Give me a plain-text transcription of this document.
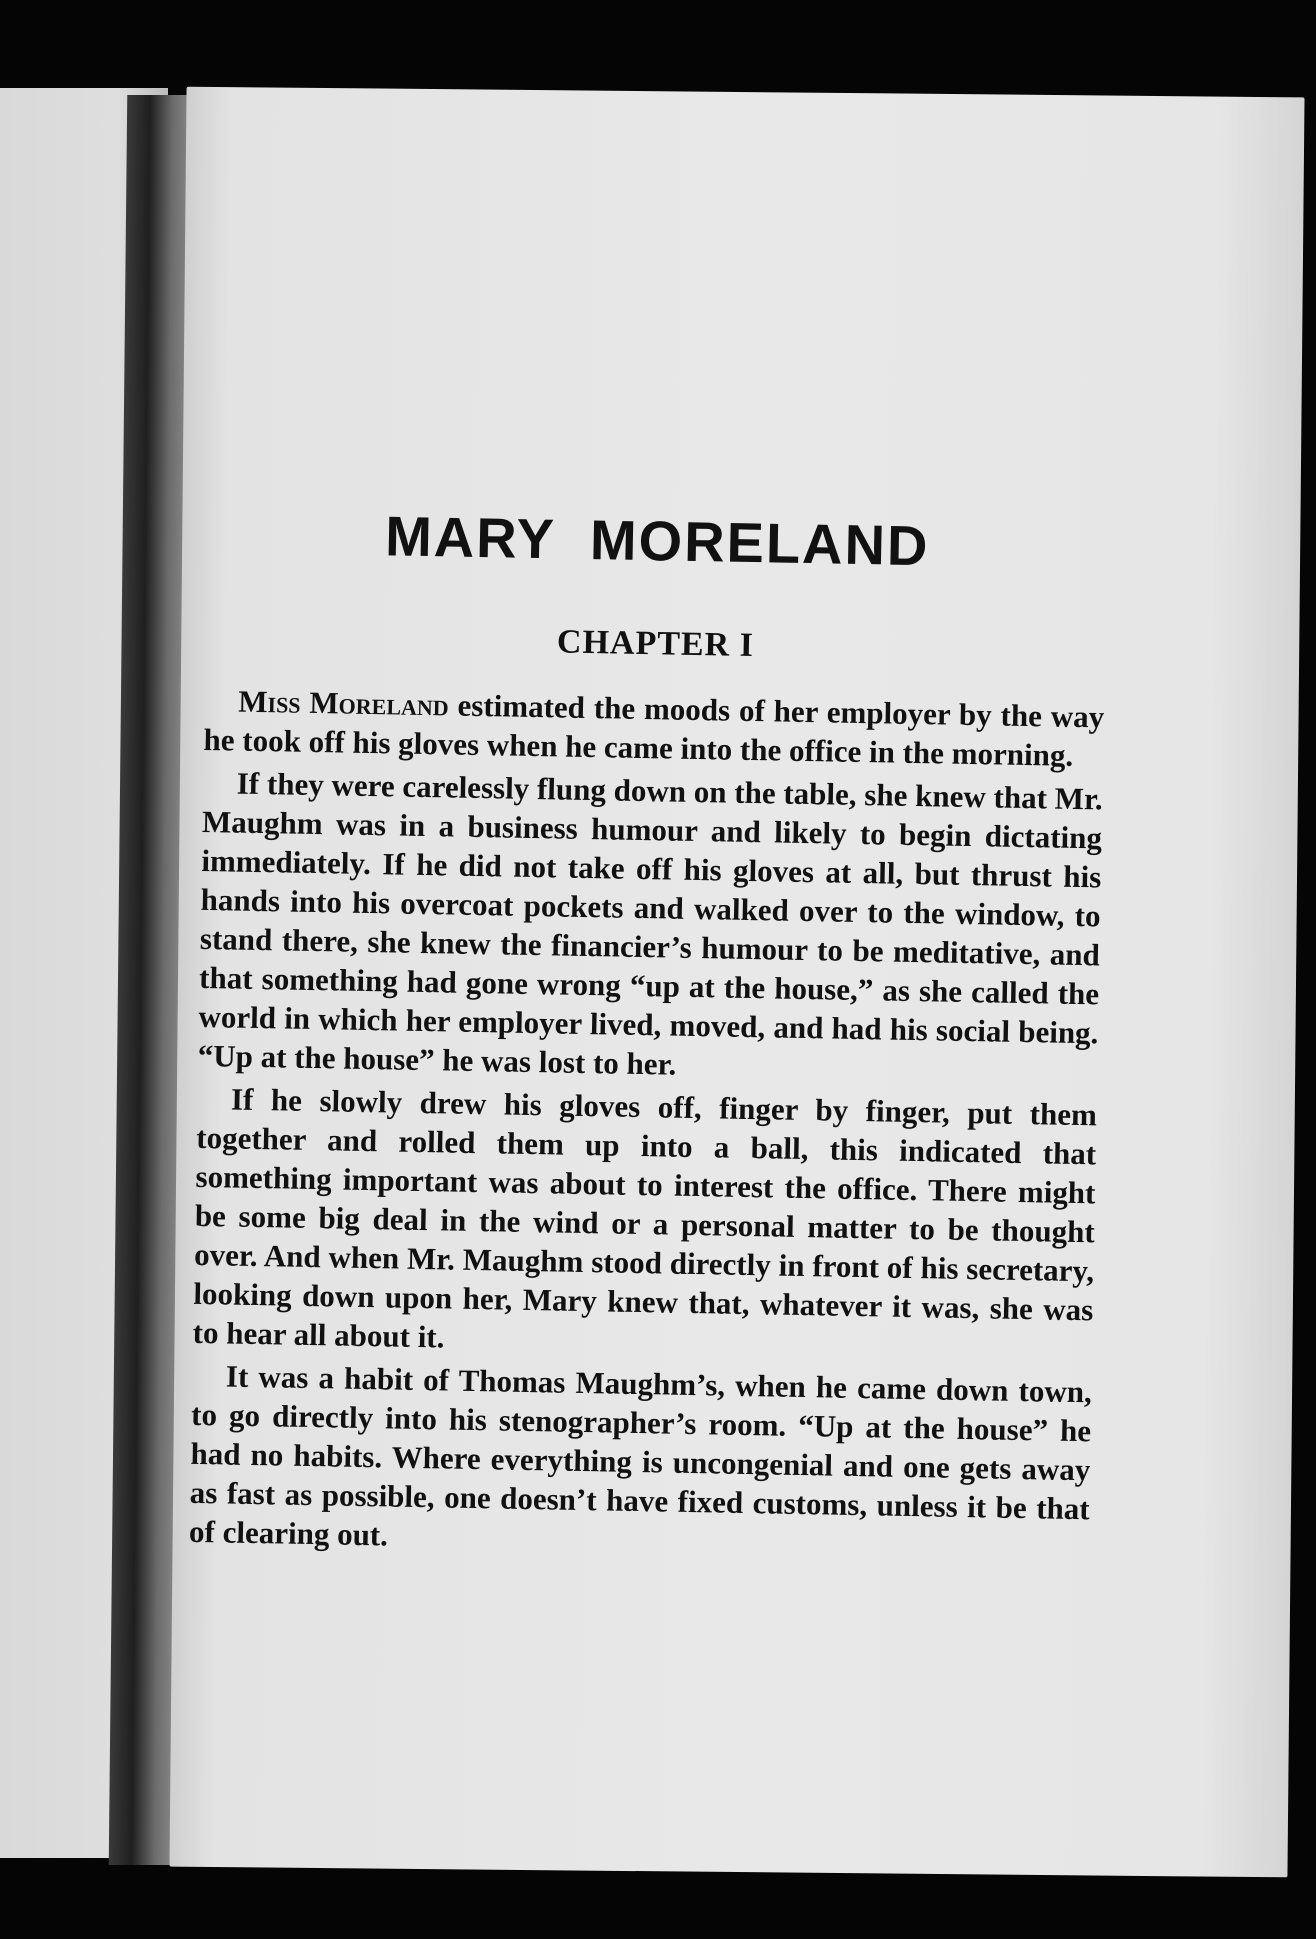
MARY MORELAND
CHAPTER I

Miss Moreland estimated the moods of her employer by the way he took off his gloves when he came into the office in the morning.

If they were carelessly flung down on the table, she knew that Mr. Maughm was in a business humour and likely to begin dictating immediately. If he did not take off his gloves at all, but thrust his hands into his overcoat pockets and walked over to the window, to stand there, she knew the financier’s humour to be meditative, and that something had gone wrong “up at the house,” as she called the world in which her employer lived, moved, and had his social being. “Up at the house” he was lost to her.

If he slowly drew his gloves off, finger by finger, put them together and rolled them up into a ball, this indicated that something important was about to interest the office. There might be some big deal in the wind or a personal matter to be thought over. And when Mr. Maughm stood directly in front of his secretary, looking down upon her, Mary knew that, whatever it was, she was to hear all about it.

It was a habit of Thomas Maughm’s, when he came down town, to go directly into his stenographer’s room. “Up at the house” he had no habits. Where everything is uncongenial and one gets away as fast as possible, one doesn’t have fixed customs, unless it be that of clearing out.
